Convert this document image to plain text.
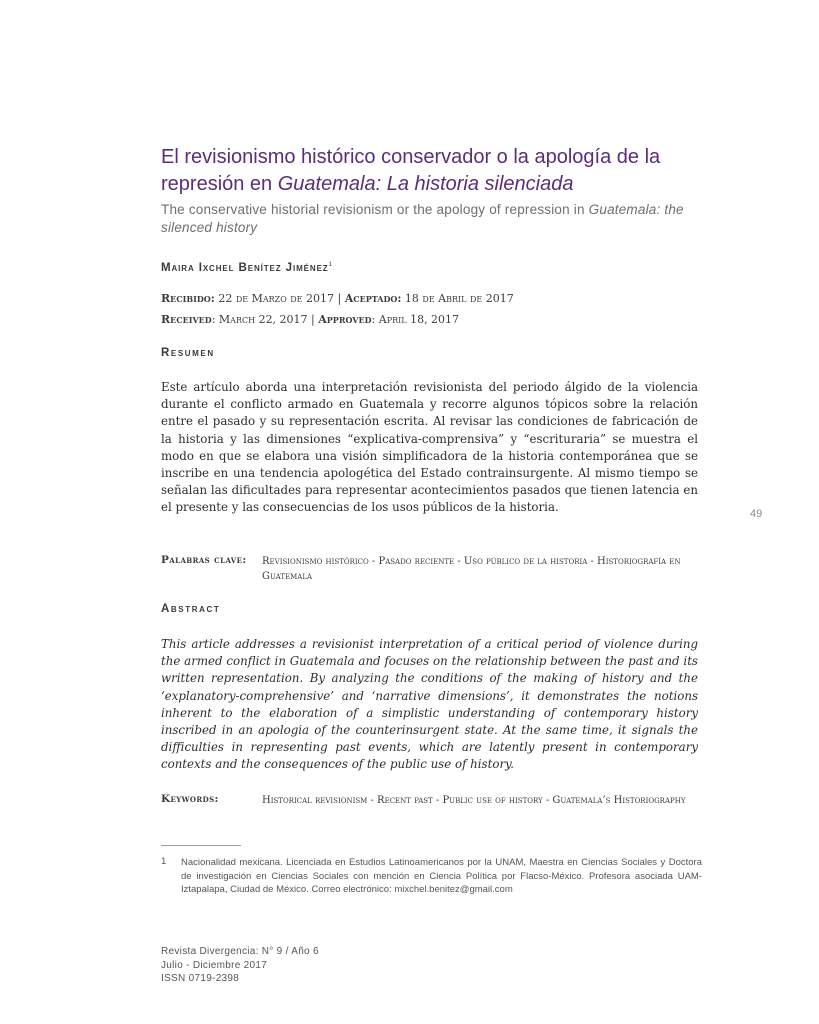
El revisionismo histórico conservador o la apología de la represión en Guatemala: La historia silenciada
The conservative historial revisionism or the apology of repression in Guatemala: the silenced history
Maira Ixchel Benítez Jiménez$^1$
Recibido: 22 de Marzo de 2017 | Aceptado: 18 de Abril de 2017
Received: March 22, 2017 | Approved: April 18, 2017
Resumen
Este artículo aborda una interpretación revisionista del periodo álgido de la violencia durante el conflicto armado en Guatemala y recorre algunos tópicos sobre la relación entre el pasado y su representación escrita. Al revisar las condiciones de fabricación de la historia y las dimensiones “explicativa-comprensiva” y “escrituraria” se muestra el modo en que se elabora una visión simplificadora de la historia contemporánea que se inscribe en una tendencia apologética del Estado contrainsurgente. Al mismo tiempo se señalan las dificultades para representar acontecimientos pasados que tienen latencia en el presente y las consecuencias de los usos públicos de la historia.	49
Palabras clave: Revisionismo histórico - Pasado reciente - Uso público de la historia - Historiografía en Guatemala
Abstract
This article addresses a revisionist interpretation of a critical period of violence during the armed conflict in Guatemala and focuses on the relationship between the past and its written representation. By analyzing the conditions of the making of history and the ‘explanatory-comprehensive’ and ‘narrative dimensions’, it demonstrates the notions inherent to the elaboration of a simplistic understanding of contemporary history inscribed in an apologia of the counterinsurgent state. At the same time, it signals the difficulties in representing past events, which are latently present in contemporary contexts and the consequences of the public use of history.
Keywords:	Historical revisionism - Recent past - Public use of history - Guatemala’s Historiography
1 Nacionalidad mexicana. Licenciada en Estudios Latinoamericanos por la UNAM, Maestra en Ciencias Sociales y Doctora de investigación en Ciencias Sociales con mención en Ciencia Política por Flacso-México. Profesora asociada UAM-Iztapalapa, Ciudad de México. Correo electrónico: mixchel.benitez@gmail.com
Revista Divergencia: N° 9 / Año 6
Julio - Diciembre 2017
ISSN 0719-2398
